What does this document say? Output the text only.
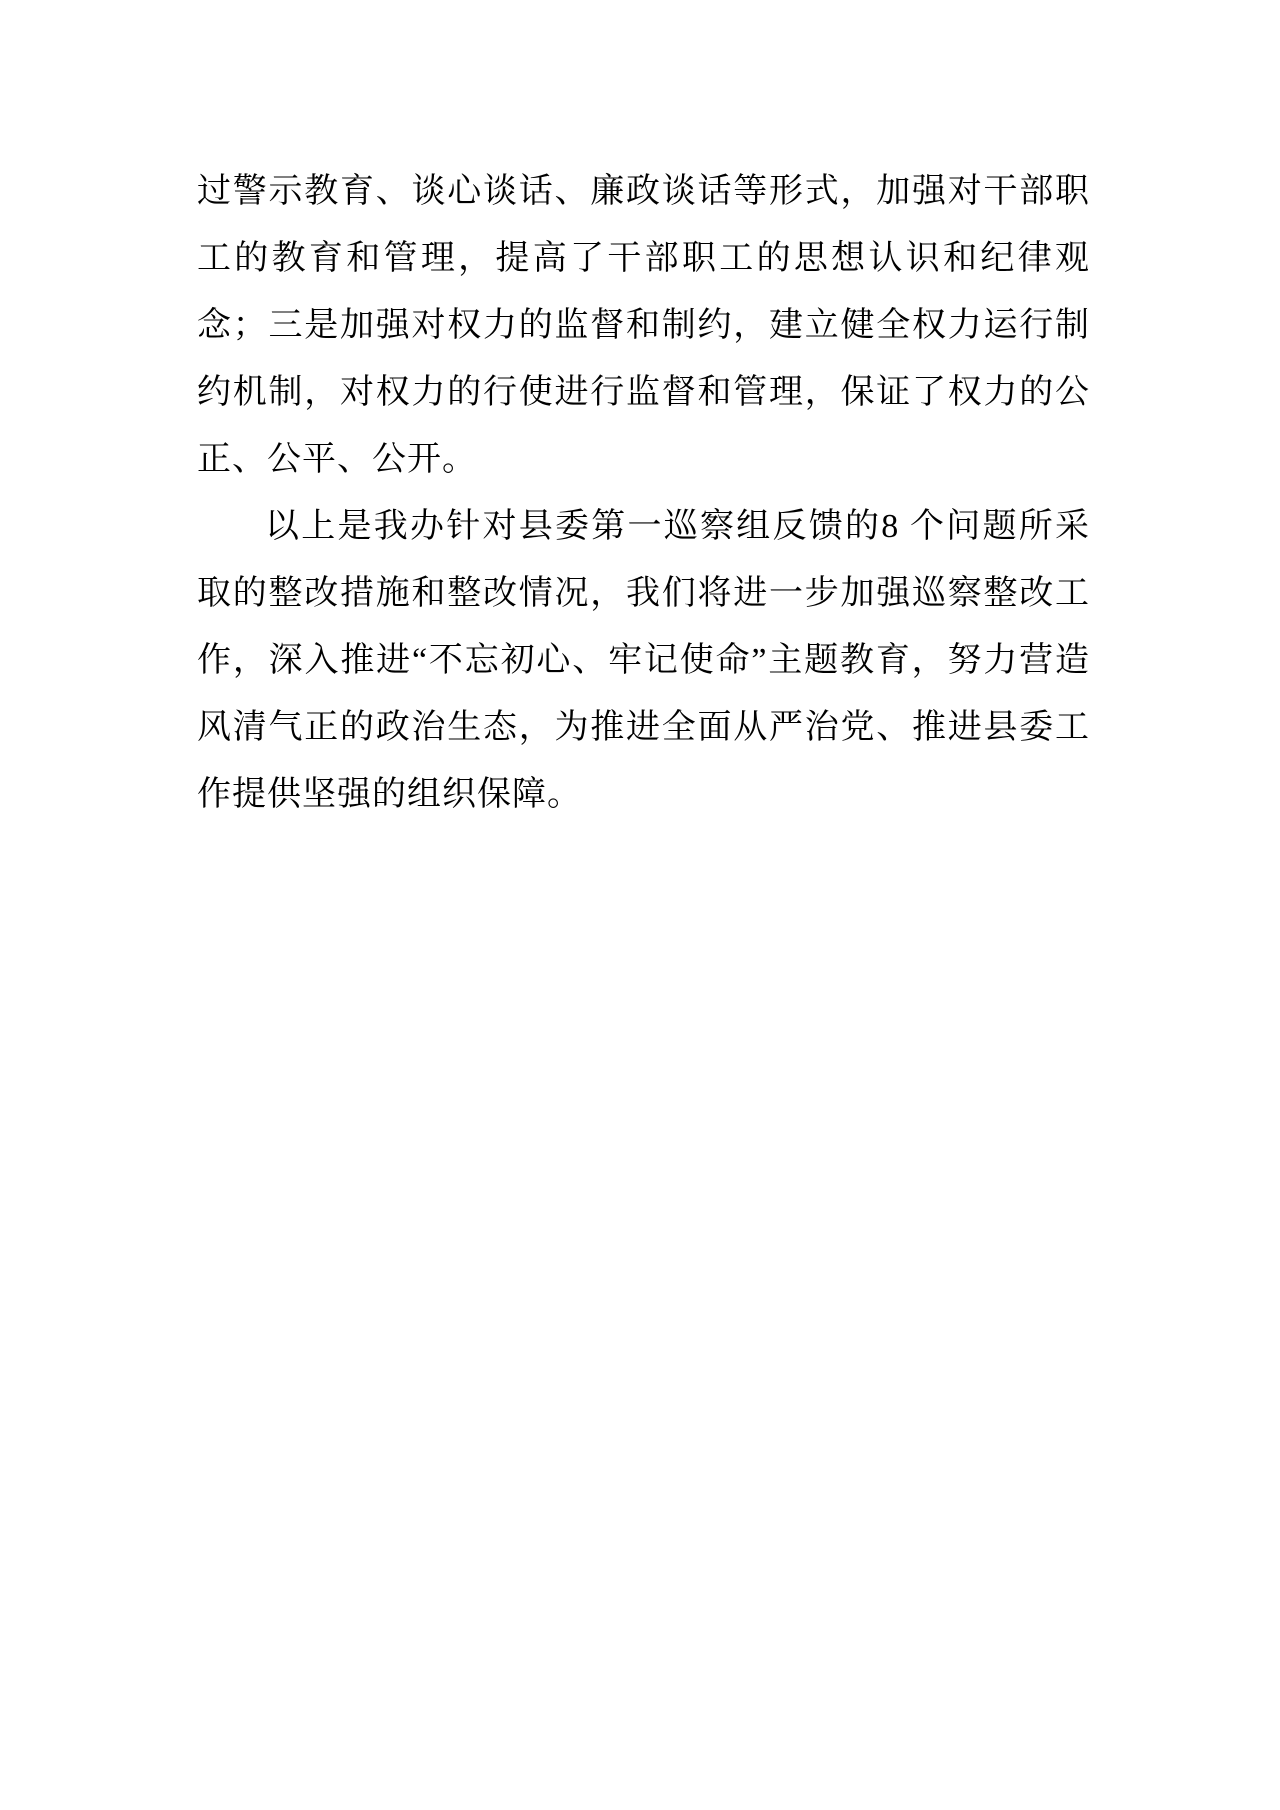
过警示教育、谈心谈话、廉政谈话等形式，加强对干部职工的教育和管理，提高了干部职工的思想认识和纪律观念；三是加强对权力的监督和制约，建立健全权力运行制约机制，对权力的行使进行监督和管理，保证了权力的公正、公平、公开。

以上是我办针对县委第一巡察组反馈的8 个问题所采取的整改措施和整改情况，我们将进一步加强巡察整改工作，深入推进“不忘初心、牢记使命”主题教育，努力营造风清气正的政治生态，为推进全面从严治党、推进县委工作提供坚强的组织保障。
